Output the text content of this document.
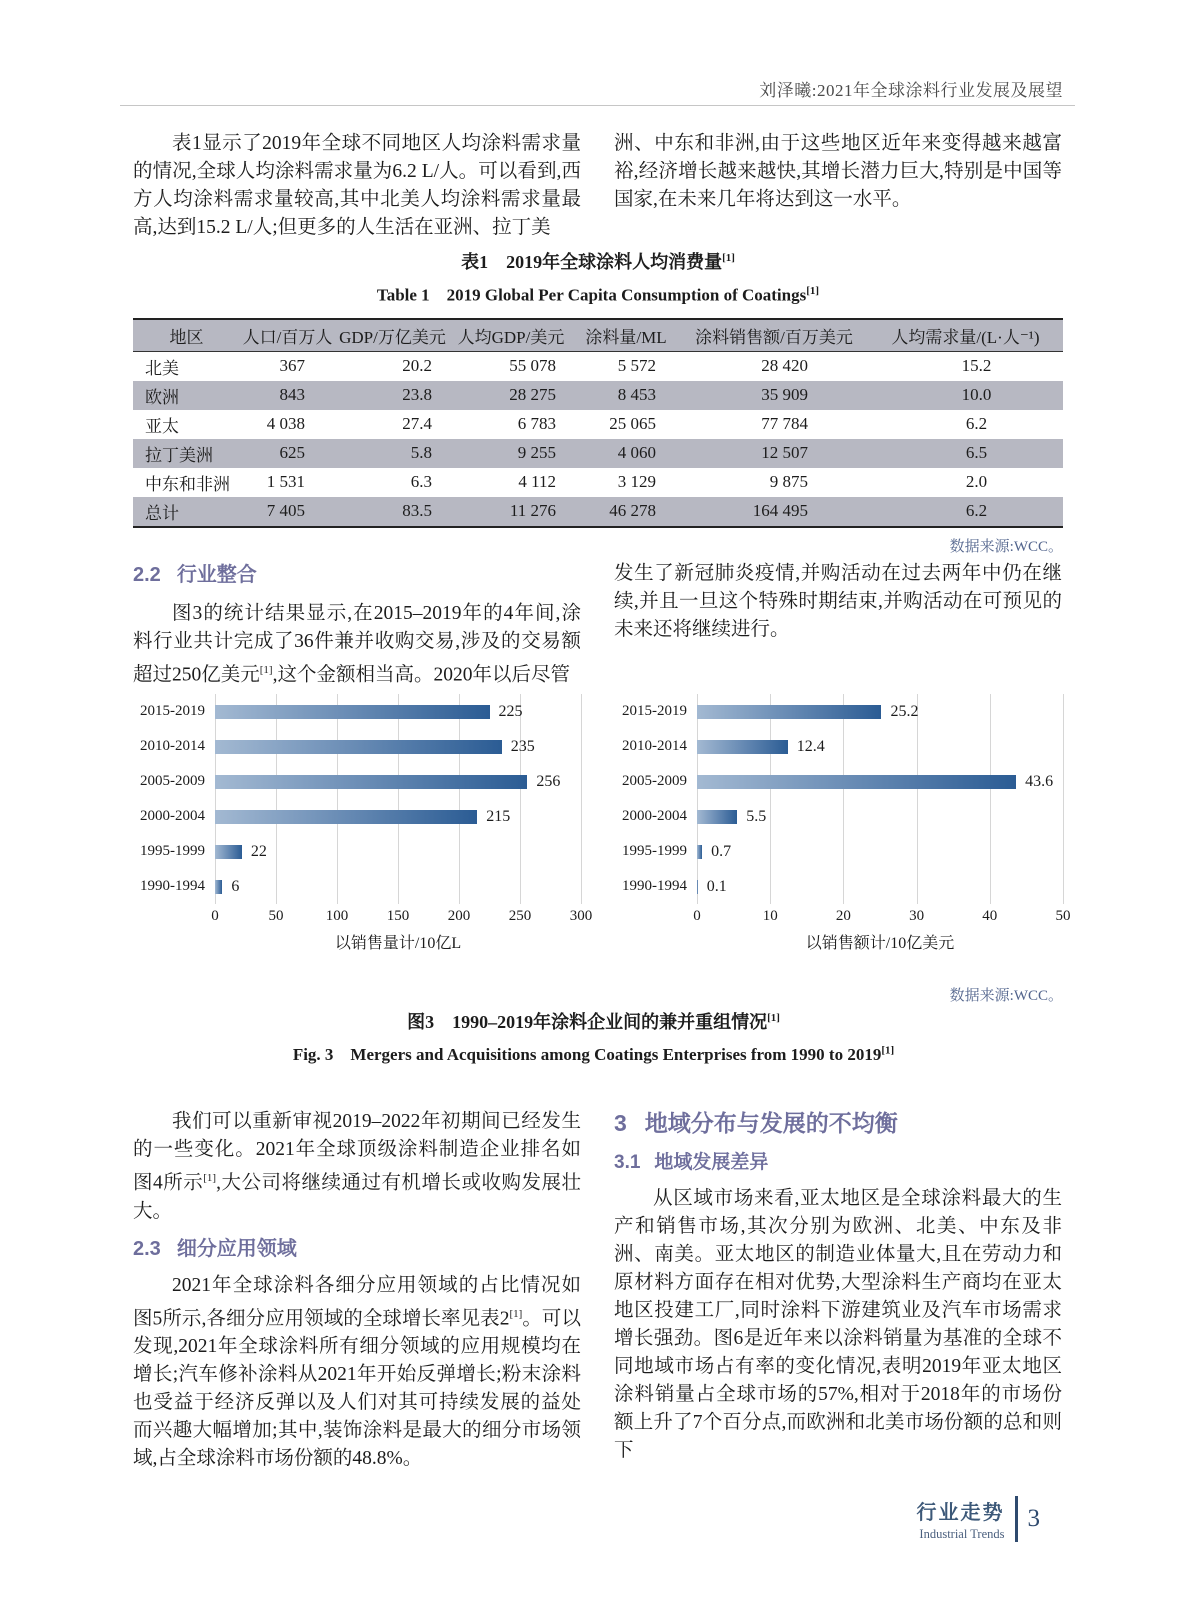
刘泽曦:2021年全球涂料行业发展及展望

表1显示了2019年全球不同地区人均涂料需求量的情况,全球人均涂料需求量为6.2 L/人。可以看到,西方人均涂料需求量较高,其中北美人均涂料需求量最高,达到15.2 L/人;但更多的人生活在亚洲、拉丁美

洲、中东和非洲,由于这些地区近年来变得越来越富裕,经济增长越来越快,其增长潜力巨大,特别是中国等国家,在未来几年将达到这一水平。

表1　2019年全球涂料人均消费量[1]
Table 1　2019 Global Per Capita Consumption of Coatings[1]
地区	人口/百万人	GDP/万亿美元	人均GDP/美元	涂料量/ML	涂料销售额/百万美元	人均需求量/(L·人⁻¹)
北美	367	20.2	55 078	5 572	28 420	15.2
欧洲	843	23.8	28 275	8 453	35 909	10.0
亚太	4 038	27.4	6 783	25 065	77 784	6.2
拉丁美洲	625	5.8	9 255	4 060	12 507	6.5
中东和非洲	1 531	6.3	4 112	3 129	9 875	2.0
总计	7 405	83.5	11 276	46 278	164 495	6.2
数据来源:WCC。
2.2 行业整合

图3的统计结果显示,在2015–2019年的4年间,涂料行业共计完成了36件兼并收购交易,涉及的交易额超过250亿美元[1],这个金额相当高。2020年以后尽管

发生了新冠肺炎疫情,并购活动在过去两年中仍在继续,并且一旦这个特殊时期结束,并购活动在可预见的未来还将继续进行。

2015-2019
2010-2014
2005-2009
2000-2004
1995-1999
1990-1994
225
235
256
215
22
6
0	50	100	150	200	250	300
以销售量计/10亿L
2015-2019
2010-2014
2005-2009
2000-2004
1995-1999
1990-1994
25.2
12.4
43.6
5.5
0.7
0.1
0	10	20	30	40	50
以销售额计/10亿美元
数据来源:WCC。
图3　1990–2019年涂料企业间的兼并重组情况[1]
Fig. 3　Mergers and Acquisitions among Coatings Enterprises from 1990 to 2019[1]

我们可以重新审视2019–2022年初期间已经发生的一些变化。2021年全球顶级涂料制造企业排名如图4所示[1],大公司将继续通过有机增长或收购发展壮大。

2.3 细分应用领域

2021年全球涂料各细分应用领域的占比情况如图5所示,各细分应用领域的全球增长率见表2[1]。可以发现,2021年全球涂料所有细分领域的应用规模均在增长;汽车修补涂料从2021年开始反弹增长;粉末涂料也受益于经济反弹以及人们对其可持续发展的益处而兴趣大幅增加;其中,装饰涂料是最大的细分市场领域,占全球涂料市场份额的48.8%。

3 地域分布与发展的不均衡
3.1 地域发展差异

从区域市场来看,亚太地区是全球涂料最大的生产和销售市场,其次分别为欧洲、北美、中东及非洲、南美。亚太地区的制造业体量大,且在劳动力和原材料方面存在相对优势,大型涂料生产商均在亚太地区投建工厂,同时涂料下游建筑业及汽车市场需求增长强劲。图6是近年来以涂料销量为基准的全球不同地域市场占有率的变化情况,表明2019年亚太地区涂料销量占全球市场的57%,相对于2018年的市场份额上升了7个百分点,而欧洲和北美市场份额的总和则下

行业走势
Industrial Trends
3
